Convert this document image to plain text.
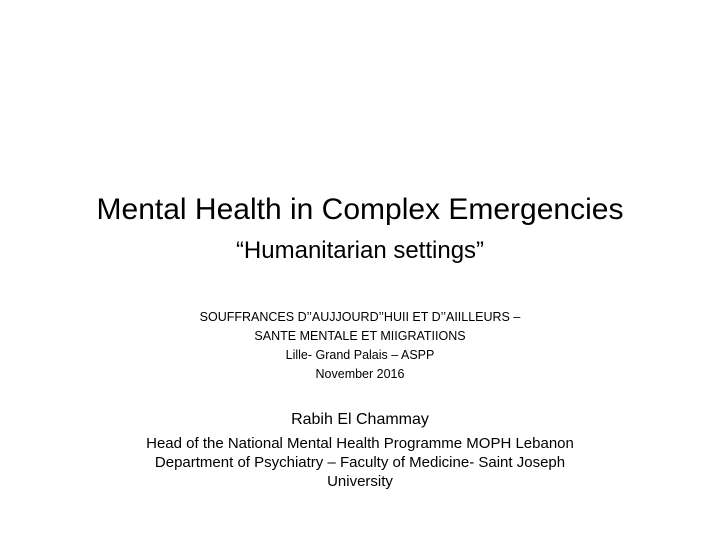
Mental Health in Complex Emergencies
“Humanitarian settings”
SOUFFRANCES D’’AUJJOURD’’HUII ET D’’AIILLEURS –
SANTE MENTALE ET MIIGRATIIONS
Lille- Grand Palais – ASPP
November 2016
Rabih El Chammay
Head of the National Mental Health Programme MOPH Lebanon
Department of Psychiatry – Faculty of Medicine- Saint Joseph
University
